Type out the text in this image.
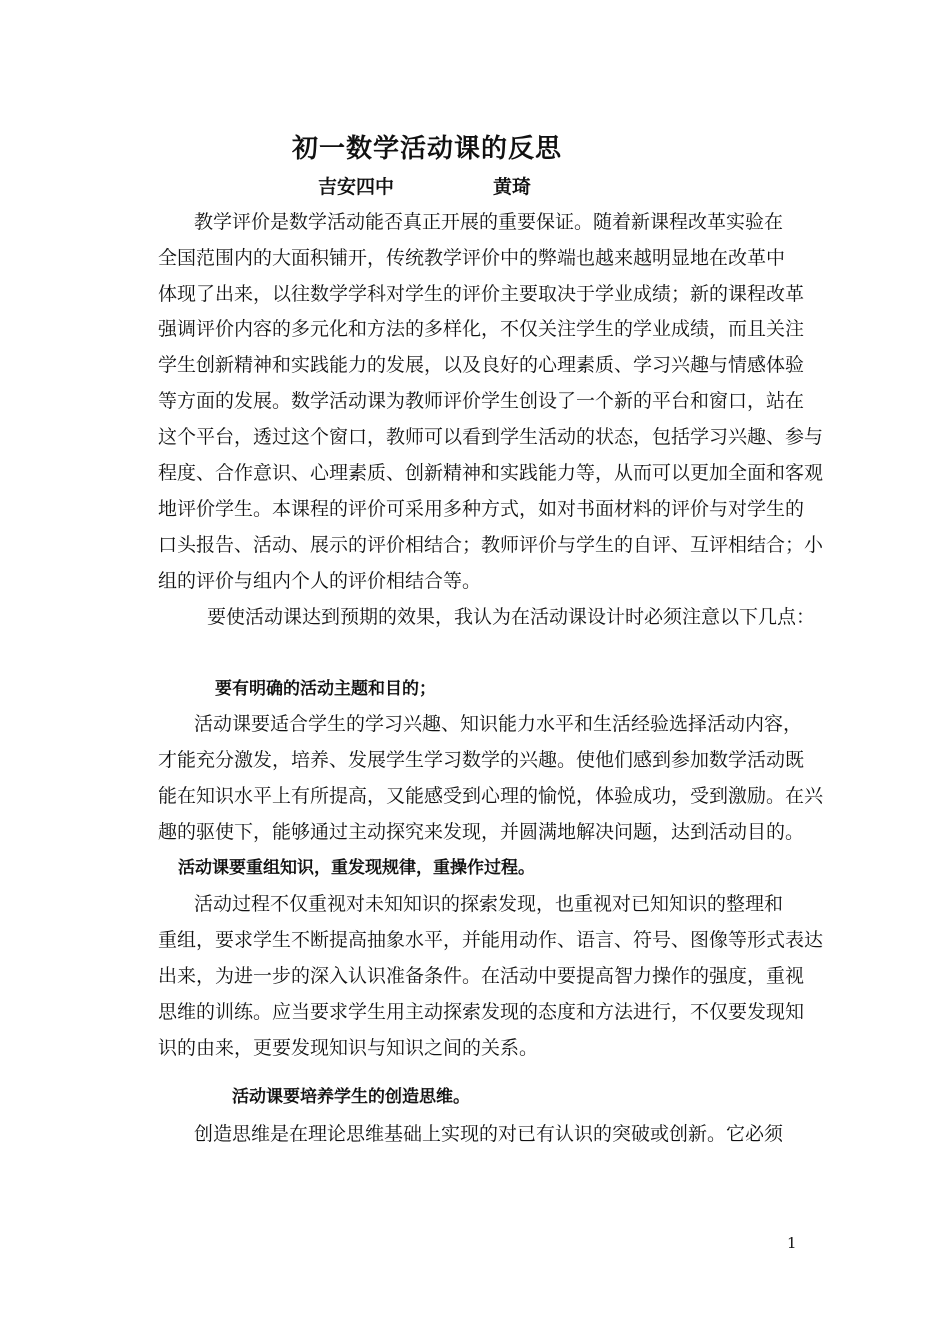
初一数学活动课的反思
吉安四中	黄琦
教学评价是数学活动能否真正开展的重要保证。随着新课程改革实验在
全国范围内的大面积铺开，传统教学评价中的弊端也越来越明显地在改革中
体现了出来，以往数学学科对学生的评价主要取决于学业成绩；新的课程改革
强调评价内容的多元化和方法的多样化，不仅关注学生的学业成绩，而且关注
学生创新精神和实践能力的发展，以及良好的心理素质、学习兴趣与情感体验
等方面的发展。数学活动课为教师评价学生创设了一个新的平台和窗口，站在
这个平台，透过这个窗口，教师可以看到学生活动的状态，包括学习兴趣、参与
程度、合作意识、心理素质、创新精神和实践能力等，从而可以更加全面和客观
地评价学生。本课程的评价可采用多种方式，如对书面材料的评价与对学生的
口头报告、活动、展示的评价相结合；教师评价与学生的自评、互评相结合；小
组的评价与组内个人的评价相结合等。
要使活动课达到预期的效果，我认为在活动课设计时必须注意以下几点：
要有明确的活动主题和目的；
活动课要适合学生的学习兴趣、知识能力水平和生活经验选择活动内容，
才能充分激发，培养、发展学生学习数学的兴趣。使他们感到参加数学活动既
能在知识水平上有所提高，又能感受到心理的愉悦，体验成功，受到激励。在兴
趣的驱使下，能够通过主动探究来发现，并圆满地解决问题，达到活动目的。
活动课要重组知识，重发现规律，重操作过程。
活动过程不仅重视对未知知识的探索发现，也重视对已知知识的整理和
重组，要求学生不断提高抽象水平，并能用动作、语言、符号、图像等形式表达
出来，为进一步的深入认识准备条件。在活动中要提高智力操作的强度，重视
思维的训练。应当要求学生用主动探索发现的态度和方法进行，不仅要发现知
识的由来，更要发现知识与知识之间的关系。
活动课要培养学生的创造思维。
创造思维是在理论思维基础上实现的对已有认识的突破或创新。它必须
1
